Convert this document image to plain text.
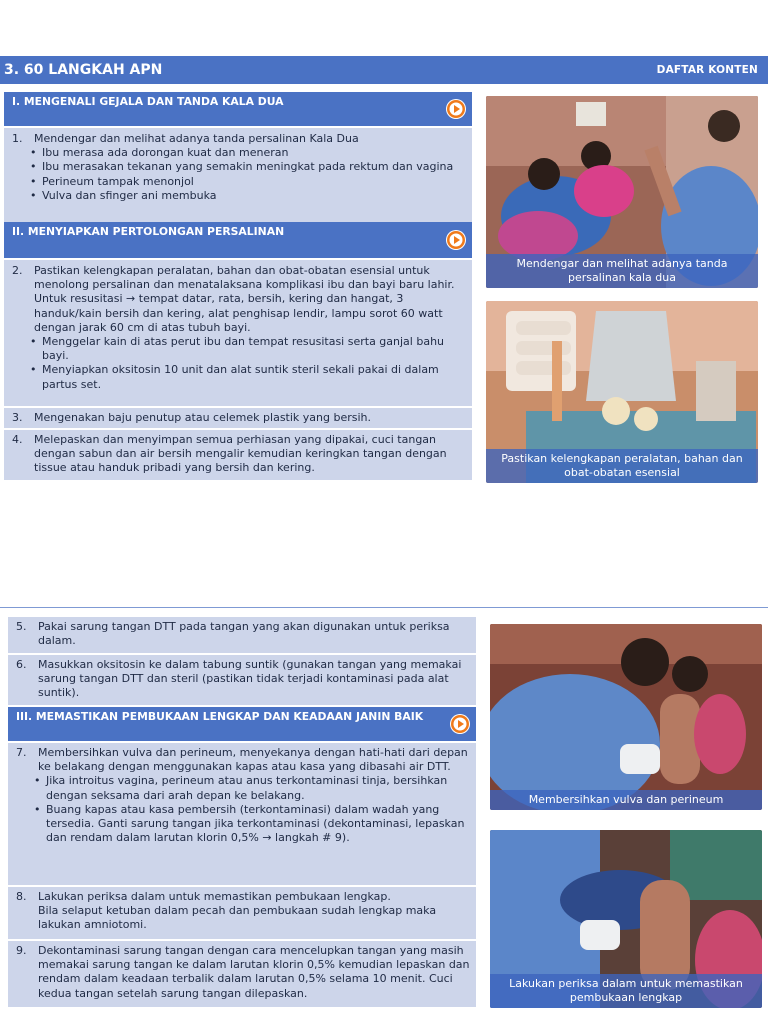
3. 60 LANGKAH APN	DAFTAR KONTEN
I. MENGENALI GEJALA DAN TANDA KALA DUA
1. Mendengar dan melihat adanya tanda persalinan Kala Dua
• Ibu merasa ada dorongan kuat dan meneran
• Ibu merasakan tekanan yang semakin meningkat pada rektum dan vagina
• Perineum tampak menonjol
• Vulva dan sfinger ani membuka
II. MENYIAPKAN PERTOLONGAN PERSALINAN
2.	Pastikan kelengkapan peralatan, bahan dan obat-obatan esensial untuk menolong persalinan dan menatalaksana komplikasi ibu dan bayi baru lahir. Untuk resusitasi → tempat datar, rata, bersih, kering dan hangat, 3 handuk/kain bersih dan kering, alat penghisap lendir, lampu sorot 60 watt dengan jarak 60 cm di atas tubuh bayi.
• Menggelar kain di atas perut ibu dan tempat resusitasi serta ganjal bahu bayi.
• Menyiapkan oksitosin 10 unit dan alat suntik steril sekali pakai di dalam partus set.
3. Mengenakan baju penutup atau celemek plastik yang bersih.
4.	Melepaskan dan menyimpan semua perhiasan yang dipakai, cuci tangan dengan sabun dan air bersih mengalir kemudian keringkan tangan dengan tissue atau handuk pribadi yang bersih dan kering.
Mendengar dan melihat adanya tanda persalinan kala dua
Pastikan kelengkapan peralatan, bahan dan obat-obatan esensial
5.	Pakai sarung tangan DTT pada tangan yang akan digunakan untuk periksa dalam.
6.	Masukkan oksitosin ke dalam tabung suntik (gunakan tangan yang memakai sarung tangan DTT dan steril (pastikan tidak terjadi kontaminasi pada alat suntik).
III. MEMASTIKAN PEMBUKAAN LENGKAP DAN KEADAAN JANIN BAIK
7.	Membersihkan vulva dan perineum, menyekanya dengan hati-hati dari depan ke belakang dengan menggunakan kapas atau kasa yang dibasahi air DTT.
• Jika introitus vagina, perineum atau anus terkontaminasi tinja, bersihkan dengan seksama dari arah depan ke belakang.
• Buang kapas atau kasa pembersih (terkontaminasi) dalam wadah yang tersedia. Ganti sarung tangan jika terkontaminasi (dekontaminasi, lepaskan dan rendam dalam larutan klorin 0,5% → langkah # 9).
8.	Lakukan periksa dalam untuk memastikan pembukaan lengkap.
Bila selaput ketuban dalam pecah dan pembukaan sudah lengkap maka lakukan amniotomi.
9.	Dekontaminasi sarung tangan dengan cara mencelupkan tangan yang masih memakai sarung tangan ke dalam larutan klorin 0,5% kemudian lepaskan dan rendam dalam keadaan terbalik dalam larutan 0,5% selama 10 menit. Cuci kedua tangan setelah sarung tangan dilepaskan.
Membersihkan vulva dan perineum
Lakukan periksa dalam untuk memastikan pembukaan lengkap
